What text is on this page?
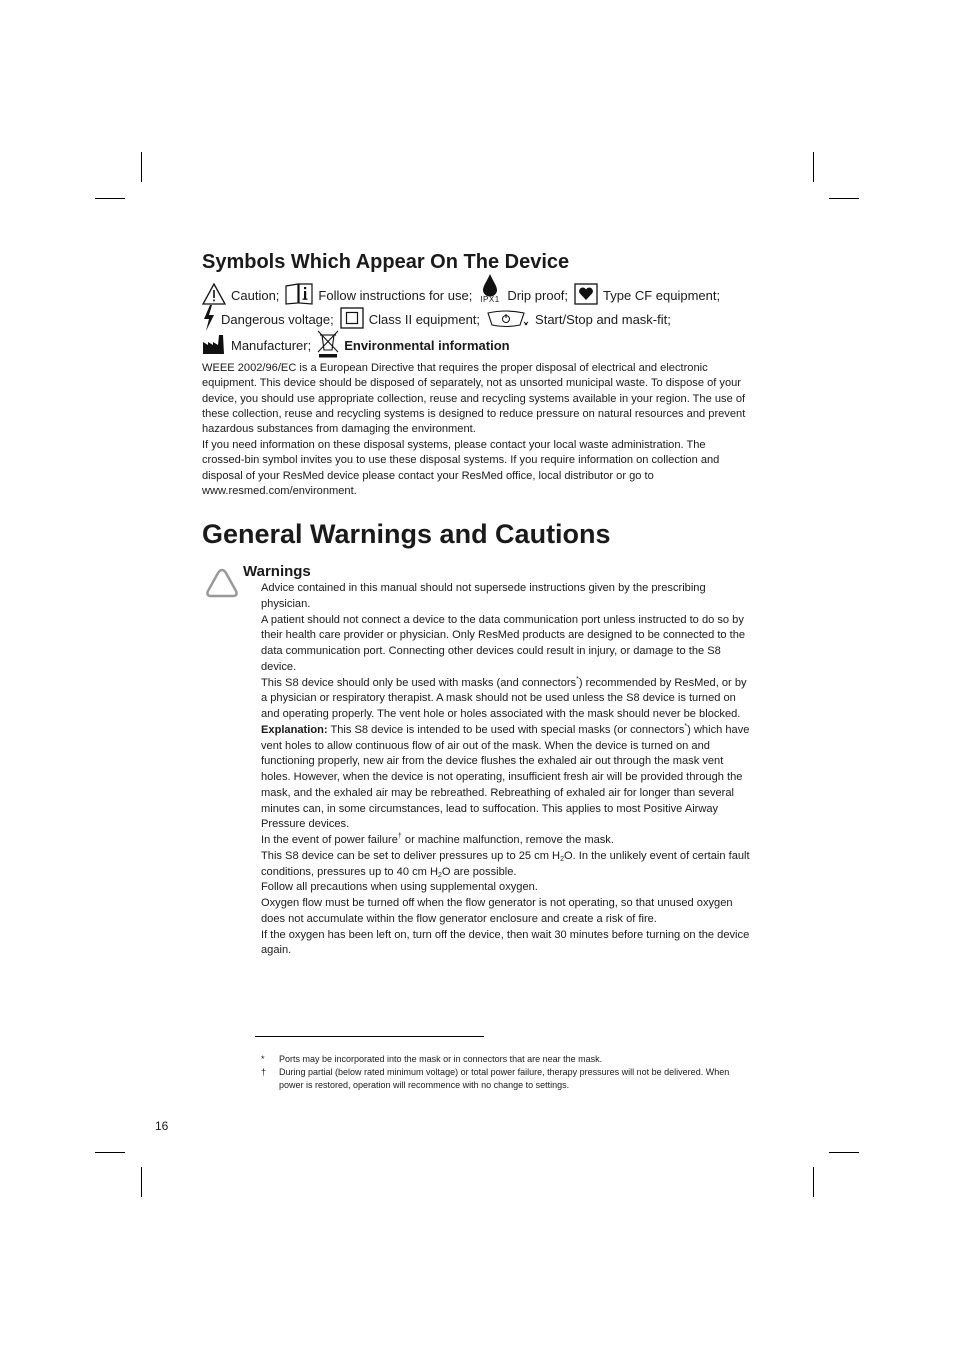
Symbols Which Appear On The Device
Caution;	Follow instructions for use; IPX1 Drip proof;	Type CF equipment;
Dangerous voltage;	Class II equipment;	Start/Stop and mask-fit;
Manufacturer;	Environmental information

WEEE 2002/96/EC is a European Directive that requires the proper disposal of electrical and electronic equipment. This device should be disposed of separately, not as unsorted municipal waste. To dispose of your device, you should use appropriate collection, reuse and recycling systems available in your region. The use of these collection, reuse and recycling systems is designed to reduce pressure on natural resources and prevent hazardous substances from damaging the environment.

If you need information on these disposal systems, please contact your local waste administration. The crossed-bin symbol invites you to use these disposal systems. If you require information on collection and disposal of your ResMed device please contact your ResMed office, local distributor or go to www.resmed.com/environment.

General Warnings and Cautions
Warnings

Advice contained in this manual should not supersede instructions given by the prescribing physician.

A patient should not connect a device to the data communication port unless instructed to do so by their health care provider or physician. Only ResMed products are designed to be connected to the data communication port. Connecting other devices could result in injury, or damage to the S8 device.

This S8 device should only be used with masks (and connectors*) recommended by ResMed, or by a physician or respiratory therapist. A mask should not be used unless the S8 device is turned on and operating properly. The vent hole or holes associated with the mask should never be blocked.

Explanation: This S8 device is intended to be used with special masks (or connectors*) which have vent holes to allow continuous flow of air out of the mask. When the device is turned on and functioning properly, new air from the device flushes the exhaled air out through the mask vent holes. However, when the device is not operating, insufficient fresh air will be provided through the mask, and the exhaled air may be rebreathed. Rebreathing of exhaled air for longer than several minutes can, in some circumstances, lead to suffocation. This applies to most Positive Airway Pressure devices.

In the event of power failure† or machine malfunction, remove the mask.

This S8 device can be set to deliver pressures up to 25 cm $H_2O$. In the unlikely event of certain fault conditions, pressures up to 40 cm $H_2O$ are possible.

Follow all precautions when using supplemental oxygen.

Oxygen flow must be turned off when the flow generator is not operating, so that unused oxygen does not accumulate within the flow generator enclosure and create a risk of fire.

If the oxygen has been left on, turn off the device, then wait 30 minutes before turning on the device again.

* Ports may be incorporated into the mask or in connectors that are near the mask.
† During partial (below rated minimum voltage) or total power failure, therapy pressures will not be delivered. When power is restored, operation will recommence with no change to settings.
16
